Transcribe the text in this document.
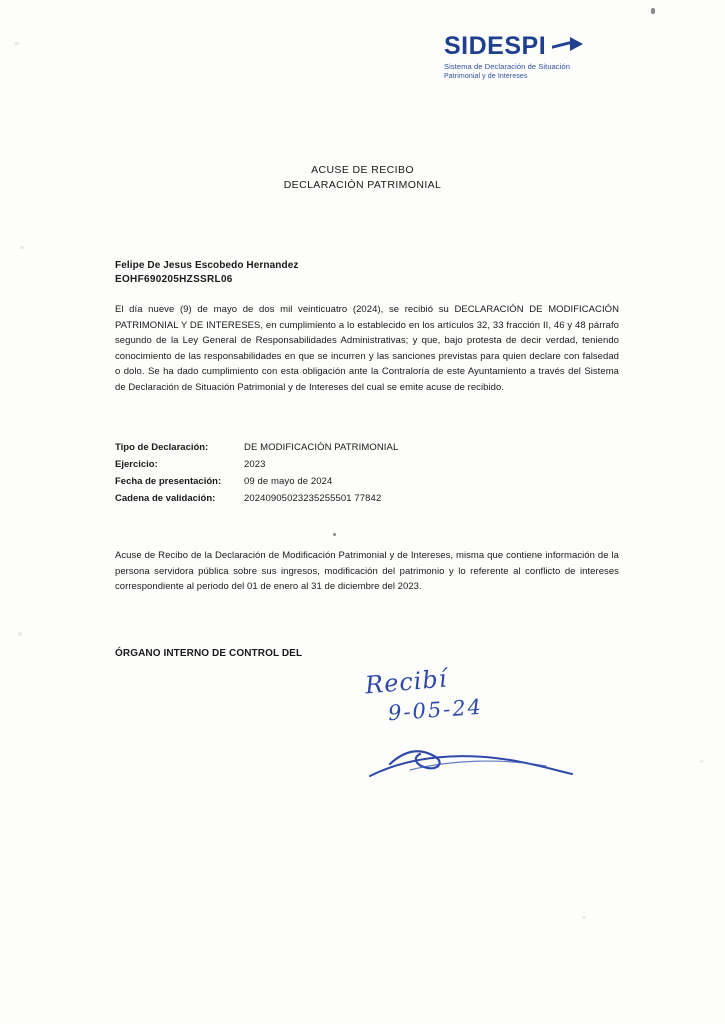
SIDESPI
Sistema de Declaración de Situación
Patrimonial y de Intereses
ACUSE DE RECIBO
DECLARACIÓN PATRIMONIAL
Felipe De Jesus Escobedo Hernandez
EOHF690205HZSSRL06
El día nueve (9) de mayo de dos mil veinticuatro (2024), se recibió su DECLARACIÓN DE MODIFICACIÓN PATRIMONIAL Y DE INTERESES, en cumplimiento a lo establecido en los artículos 32, 33 fracción II, 46 y 48 párrafo segundo de la Ley General de Responsabilidades Administrativas; y que, bajo protesta de decir verdad, teniendo conocimiento de las responsabilidades en que se incurren y las sanciones previstas para quien declare con falsedad o dolo. Se ha dado cumplimiento con esta obligación ante la Contraloría de este Ayuntamiento a través del Sistema de Declaración de Situación Patrimonial y de Intereses del cual se emite acuse de recibido.
Tipo de Declaración:	DE MODIFICACIÓN PATRIMONIAL
Ejercicio:	2023
Fecha de presentación:	09 de mayo de 2024
Cadena de validación:	20240905023235255501 77842
Acuse de Recibo de la Declaración de Modificación Patrimonial y de Intereses, misma que contiene información de la persona servidora pública sobre sus ingresos, modificación del patrimonio y lo referente al conflicto de intereses correspondiente al periodo del 01 de enero al 31 de diciembre del 2023.
ÓRGANO INTERNO DE CONTROL DEL
Recibí
9-05-24
